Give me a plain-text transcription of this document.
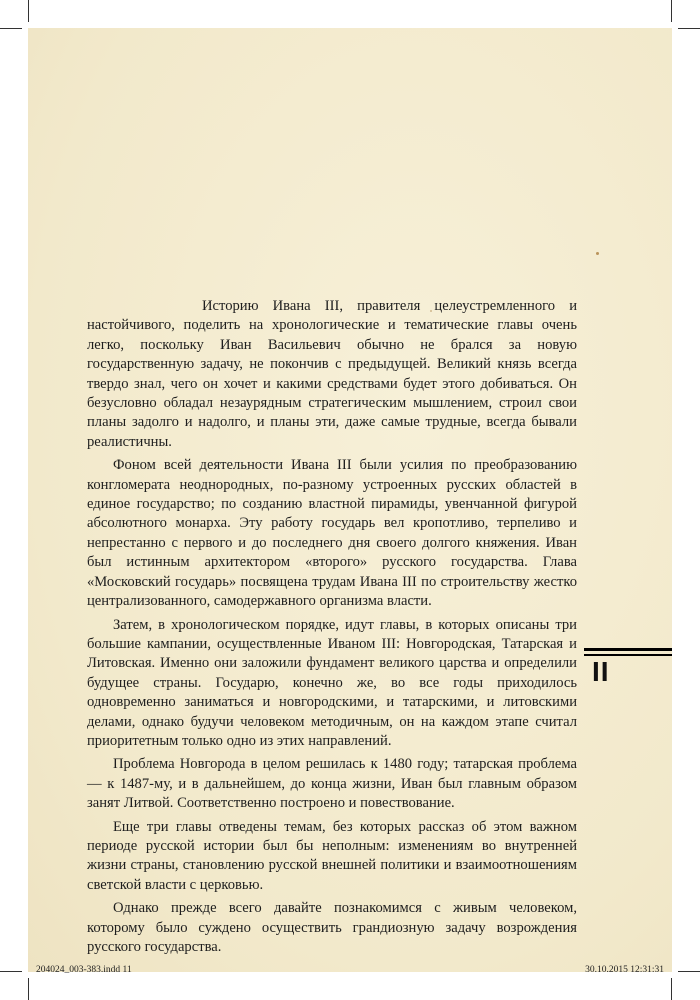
Историю Ивана III, правителя целеустремленного и настойчивого, поделить на хронологические и тематические главы очень легко, поскольку Иван Васильевич обычно не брался за новую государственную задачу, не покончив с предыдущей. Великий князь всегда твердо знал, чего он хочет и какими средствами будет этого добиваться. Он безусловно обладал незаурядным стратегическим мышлением, строил свои планы задолго и надолго, и планы эти, даже самые трудные, всегда бывали реалистичны.

Фоном всей деятельности Ивана III были усилия по преобразованию конгломерата неоднородных, по-разному устроенных русских областей в единое государство; по созданию властной пирамиды, увенчанной фигурой абсолютного монарха. Эту работу государь вел кропотливо, терпеливо и непрестанно с первого и до последнего дня своего долгого княжения. Иван был истинным архитектором «второго» русского государства. Глава «Московский государь» посвящена трудам Ивана III по строительству жестко централизованного, самодержавного организма власти.

Затем, в хронологическом порядке, идут главы, в которых описаны три большие кампании, осуществленные Иваном III: Новгородская, Татарская и Литовская. Именно они заложили фундамент великого царства и определили будущее страны. Государю, конечно же, во все годы приходилось одновременно заниматься и новгородскими, и татарскими, и литовскими делами, однако будучи человеком методичным, он на каждом этапе считал приоритетным только одно из этих направлений.

Проблема Новгорода в целом решилась к 1480 году; татарская проблема — к 1487-му, и в дальнейшем, до конца жизни, Иван был главным образом занят Литвой. Соответственно построено и повествование.

Еще три главы отведены темам, без которых рассказ об этом важном периоде русской истории был бы неполным: изменениям во внутренней жизни страны, становлению русской внешней политики и взаимоотношениям светской власти с церковью.

Однако прежде всего давайте познакомимся с живым человеком, которому было суждено осуществить грандиозную задачу возрождения русского государства.

II
204024_003-383.indd 11	30.10.2015 12:31:31
